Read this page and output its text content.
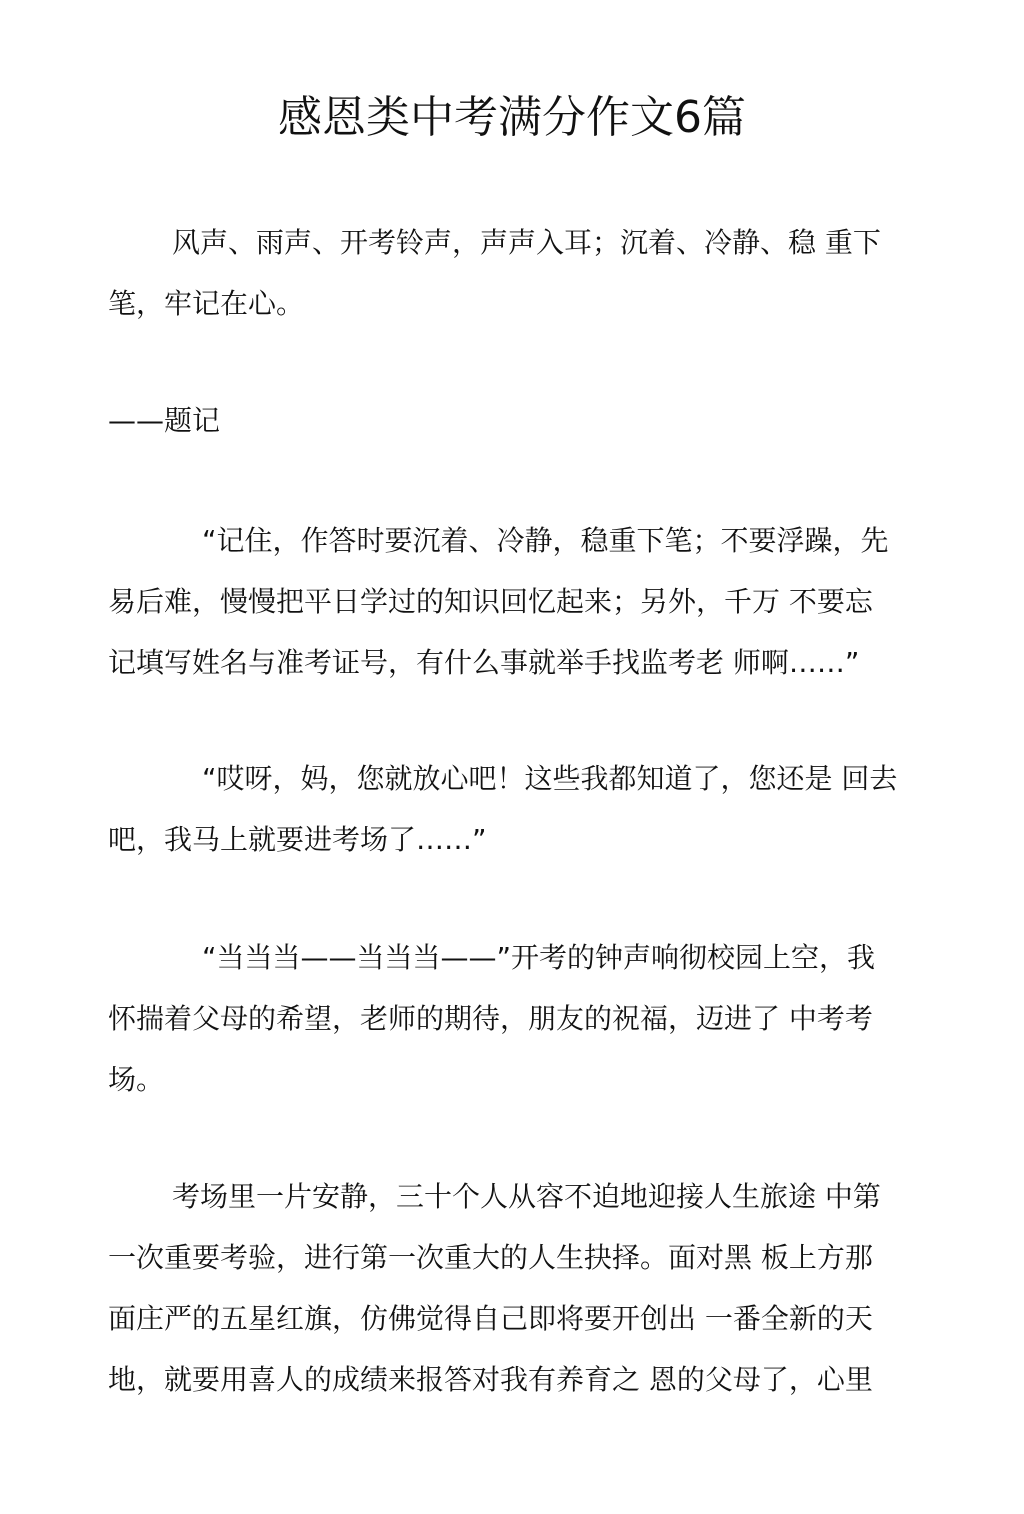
感恩类中考满分作文6篇

风声、雨声、开考铃声，声声入耳；沉着、冷静、稳 重下
笔，牢记在心。

——题记

“记住，作答时要沉着、冷静，稳重下笔；不要浮躁，先
易后难，慢慢把平日学过的知识回忆起来；另外，千万 不要忘
记填写姓名与准考证号，有什么事就举手找监考老 师啊……”

“哎呀，妈，您就放心吧！这些我都知道了，您还是 回去
吧，我马上就要进考场了……”

“当当当——当当当——”开考的钟声响彻校园上空，我
怀揣着父母的希望，老师的期待，朋友的祝福，迈进了 中考考
场。

考场里一片安静，三十个人从容不迫地迎接人生旅途 中第
一次重要考验，进行第一次重大的人生抉择。面对黑 板上方那
面庄严的五星红旗，仿佛觉得自己即将要开创出 一番全新的天
地，就要用喜人的成绩来报答对我有养育之 恩的父母了，心里
